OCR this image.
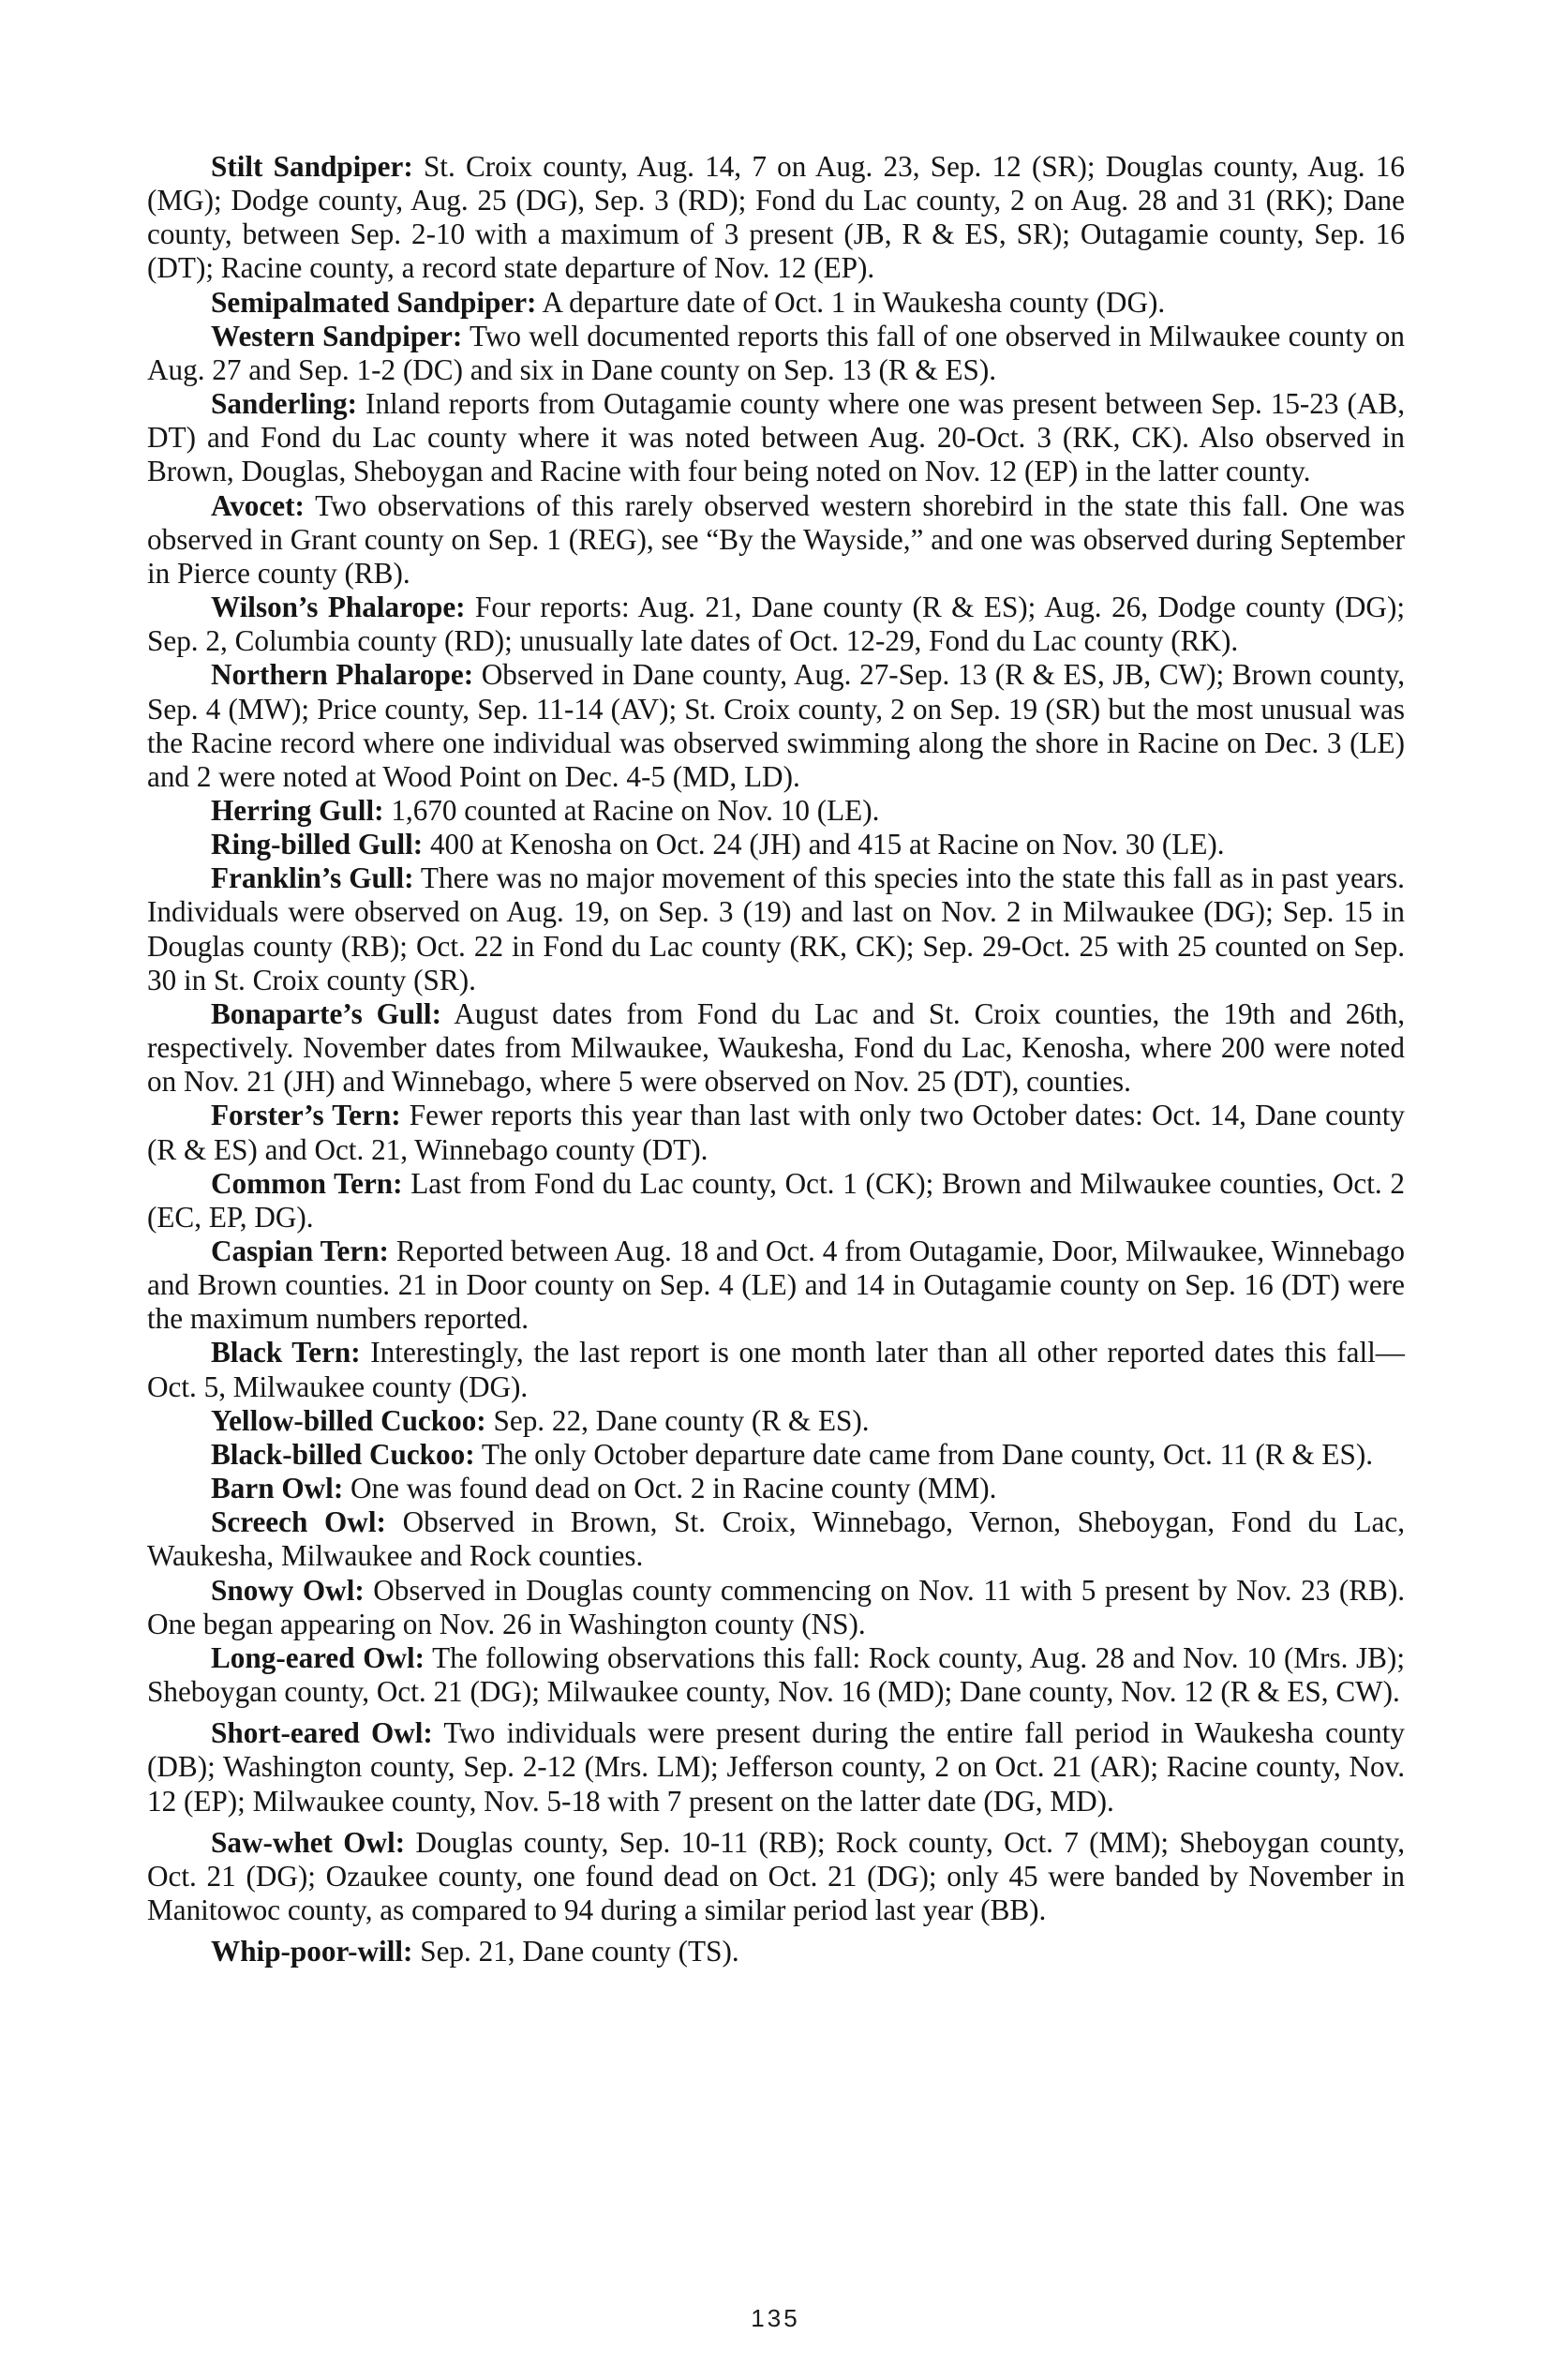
Stilt Sandpiper: St. Croix county, Aug. 14, 7 on Aug. 23, Sep. 12 (SR); Douglas county, Aug. 16 (MG); Dodge county, Aug. 25 (DG), Sep. 3 (RD); Fond du Lac county, 2 on Aug. 28 and 31 (RK); Dane county, between Sep. 2-10 with a maximum of 3 present (JB, R & ES, SR); Outagamie county, Sep. 16 (DT); Racine county, a record state departure of Nov. 12 (EP).

Semipalmated Sandpiper: A departure date of Oct. 1 in Waukesha county (DG).

Western Sandpiper: Two well documented reports this fall of one observed in Milwaukee county on Aug. 27 and Sep. 1-2 (DC) and six in Dane county on Sep. 13 (R & ES).

Sanderling: Inland reports from Outagamie county where one was present between Sep. 15-23 (AB, DT) and Fond du Lac county where it was noted between Aug. 20-Oct. 3 (RK, CK). Also observed in Brown, Douglas, Sheboygan and Racine with four being noted on Nov. 12 (EP) in the latter county.

Avocet: Two observations of this rarely observed western shorebird in the state this fall. One was observed in Grant county on Sep. 1 (REG), see “By the Wayside,” and one was observed during September in Pierce county (RB).

Wilson’s Phalarope: Four reports: Aug. 21, Dane county (R & ES); Aug. 26, Dodge county (DG); Sep. 2, Columbia county (RD); unusually late dates of Oct. 12-29, Fond du Lac county (RK).

Northern Phalarope: Observed in Dane county, Aug. 27-Sep. 13 (R & ES, JB, CW); Brown county, Sep. 4 (MW); Price county, Sep. 11-14 (AV); St. Croix county, 2 on Sep. 19 (SR) but the most unusual was the Racine record where one individual was observed swimming along the shore in Racine on Dec. 3 (LE) and 2 were noted at Wood Point on Dec. 4-5 (MD, LD).

Herring Gull: 1,670 counted at Racine on Nov. 10 (LE).

Ring-billed Gull: 400 at Kenosha on Oct. 24 (JH) and 415 at Racine on Nov. 30 (LE).

Franklin’s Gull: There was no major movement of this species into the state this fall as in past years. Individuals were observed on Aug. 19, on Sep. 3 (19) and last on Nov. 2 in Milwaukee (DG); Sep. 15 in Douglas county (RB); Oct. 22 in Fond du Lac county (RK, CK); Sep. 29-Oct. 25 with 25 counted on Sep. 30 in St. Croix county (SR).

Bonaparte’s Gull: August dates from Fond du Lac and St. Croix counties, the 19th and 26th, respectively. November dates from Milwaukee, Waukesha, Fond du Lac, Kenosha, where 200 were noted on Nov. 21 (JH) and Winnebago, where 5 were observed on Nov. 25 (DT), counties.

Forster’s Tern: Fewer reports this year than last with only two October dates: Oct. 14, Dane county (R & ES) and Oct. 21, Winnebago county (DT).

Common Tern: Last from Fond du Lac county, Oct. 1 (CK); Brown and Milwaukee counties, Oct. 2 (EC, EP, DG).

Caspian Tern: Reported between Aug. 18 and Oct. 4 from Outagamie, Door, Milwaukee, Winnebago and Brown counties. 21 in Door county on Sep. 4 (LE) and 14 in Outagamie county on Sep. 16 (DT) were the maximum numbers reported.

Black Tern: Interestingly, the last report is one month later than all other reported dates this fall—Oct. 5, Milwaukee county (DG).

Yellow-billed Cuckoo: Sep. 22, Dane county (R & ES).

Black-billed Cuckoo: The only October departure date came from Dane county, Oct. 11 (R & ES).

Barn Owl: One was found dead on Oct. 2 in Racine county (MM).

Screech Owl: Observed in Brown, St. Croix, Winnebago, Vernon, Sheboygan, Fond du Lac, Waukesha, Milwaukee and Rock counties.

Snowy Owl: Observed in Douglas county commencing on Nov. 11 with 5 present by Nov. 23 (RB). One began appearing on Nov. 26 in Washington county (NS).

Long-eared Owl: The following observations this fall: Rock county, Aug. 28 and Nov. 10 (Mrs. JB); Sheboygan county, Oct. 21 (DG); Milwaukee county, Nov. 16 (MD); Dane county, Nov. 12 (R & ES, CW).

Short-eared Owl: Two individuals were present during the entire fall period in Waukesha county (DB); Washington county, Sep. 2-12 (Mrs. LM); Jefferson county, 2 on Oct. 21 (AR); Racine county, Nov. 12 (EP); Milwaukee county, Nov. 5-18 with 7 present on the latter date (DG, MD).

Saw-whet Owl: Douglas county, Sep. 10-11 (RB); Rock county, Oct. 7 (MM); Sheboygan county, Oct. 21 (DG); Ozaukee county, one found dead on Oct. 21 (DG); only 45 were banded by November in Manitowoc county, as compared to 94 during a similar period last year (BB).

Whip-poor-will: Sep. 21, Dane county (TS).

135
